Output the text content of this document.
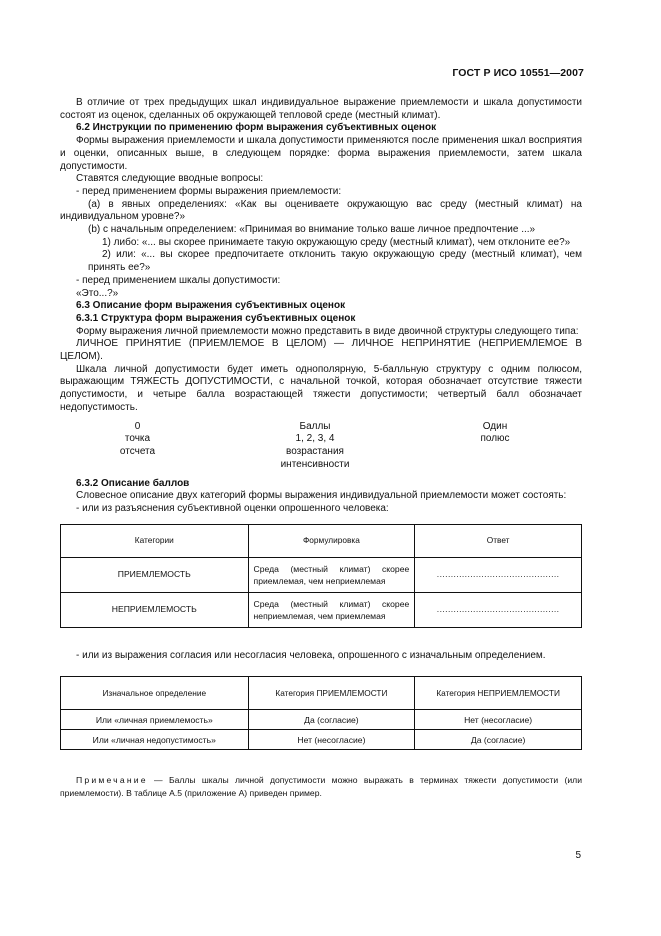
ГОСТ Р ИСО 10551—2007

В отличие от трех предыдущих шкал индивидуальное выражение приемлемости и шкала допустимости состоят из оценок, сделанных об окружающей тепловой среде (местный климат).

6.2 Инструкции по применению форм выражения субъективных оценок

Формы выражения приемлемости и шкала допустимости применяются после применения шкал восприятия и оценки, описанных выше, в следующем порядке: форма выражения приемлемости, затем шкала допустимости.

Ставятся следующие вводные вопросы:

- перед применением формы выражения приемлемости:

(a) в явных определениях: «Как вы оцениваете окружающую вас среду (местный климат) на индивидуальном уровне?»

(b) с начальным определением: «Принимая во внимание только ваше личное предпочтение ...»

1) либо: «... вы скорее принимаете такую окружающую среду (местный климат), чем отклоните ее?»

2) или: «... вы скорее предпочитаете отклонить такую окружающую среду (местный климат), чем принять ее?»

- перед применением шкалы допустимости:

«Это...?»

6.3 Описание форм выражения субъективных оценок

6.3.1 Структура форм выражения субъективных оценок

Форму выражения личной приемлемости можно представить в виде двоичной структуры следующего типа:

ЛИЧНОЕ ПРИНЯТИЕ (ПРИЕМЛЕМОЕ В ЦЕЛОМ) — ЛИЧНОЕ НЕПРИНЯТИЕ (НЕПРИЕМЛЕМОЕ В ЦЕЛОМ).

Шкала личной допустимости будет иметь однополярную, 5-балльную структуру с одним полюсом, выражающим ТЯЖЕСТЬ ДОПУСТИМОСТИ, с начальной точкой, которая обозначает отсутствие тяжести допустимости, и четыре балла возрастающей тяжести допустимости; четвертый балл обозначает недопустимость.

0
точка
отсчета
Баллы
1, 2, 3, 4
возрастания
интенсивности
Один
полюс

6.3.2 Описание баллов

Словесное описание двух категорий формы выражения индивидуальной приемлемости может состоять:

- или из разъяснения субъективной оценки опрошенного человека:

Категории	Формулировка	Ответ
ПРИЕМЛЕМОСТЬ	Среда (местный климат) скорее приемлемая, чем неприемлемая	............................................
НЕПРИЕМЛЕМОСТЬ	Среда (местный климат) скорее неприемлемая, чем приемлемая	............................................

- или из выражения согласия или несогласия человека, опрошенного с изначальным определением.

Изначальное определение	Категория ПРИЕМЛЕМОСТИ	Категория НЕПРИЕМЛЕМОСТИ
Или «личная приемлемость»	Да (согласие)	Нет (несогласие)
Или «личная недопустимость»	Нет (несогласие)	Да (согласие)

Примечание — Баллы шкалы личной допустимости можно выражать в терминах тяжести допустимости (или приемлемости). В таблице А.5 (приложение А) приведен пример.

5
